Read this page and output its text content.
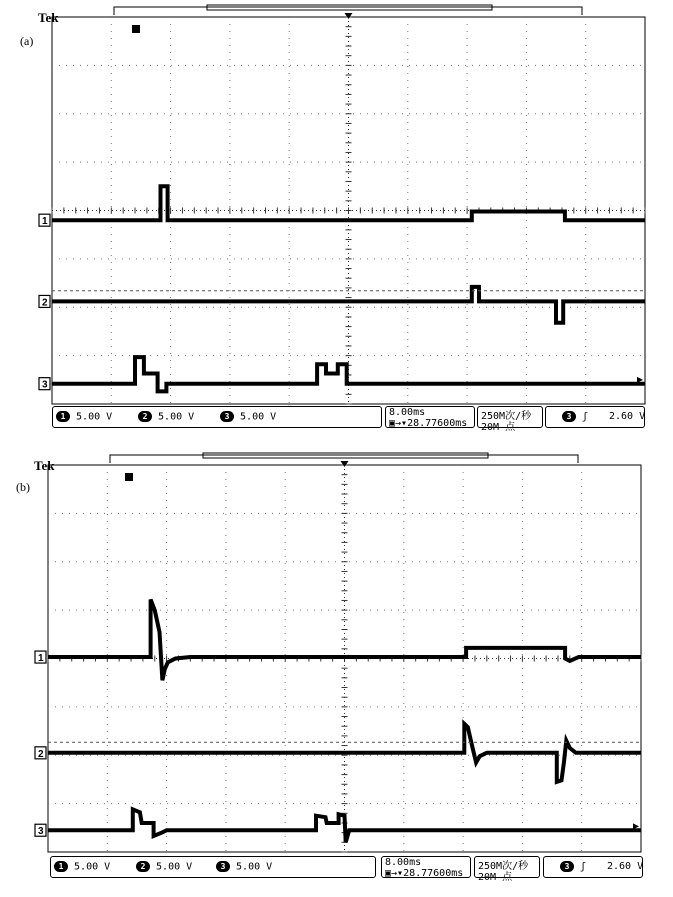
Tek
(a)
1
2
3
1 5.00 V	2 5.00 V	3 5.00 V	8.00ms
▣→▾28.77600ms
250M次/秒
20M 点
3 ʃ 2.60 V
Tek
(b)
1
2
3
1 5.00 V	2 5.00 V	3 5.00 V	8.00ms
▣→▾28.77600ms
250M次/秒
20M 点
3 ʃ 2.60 V
